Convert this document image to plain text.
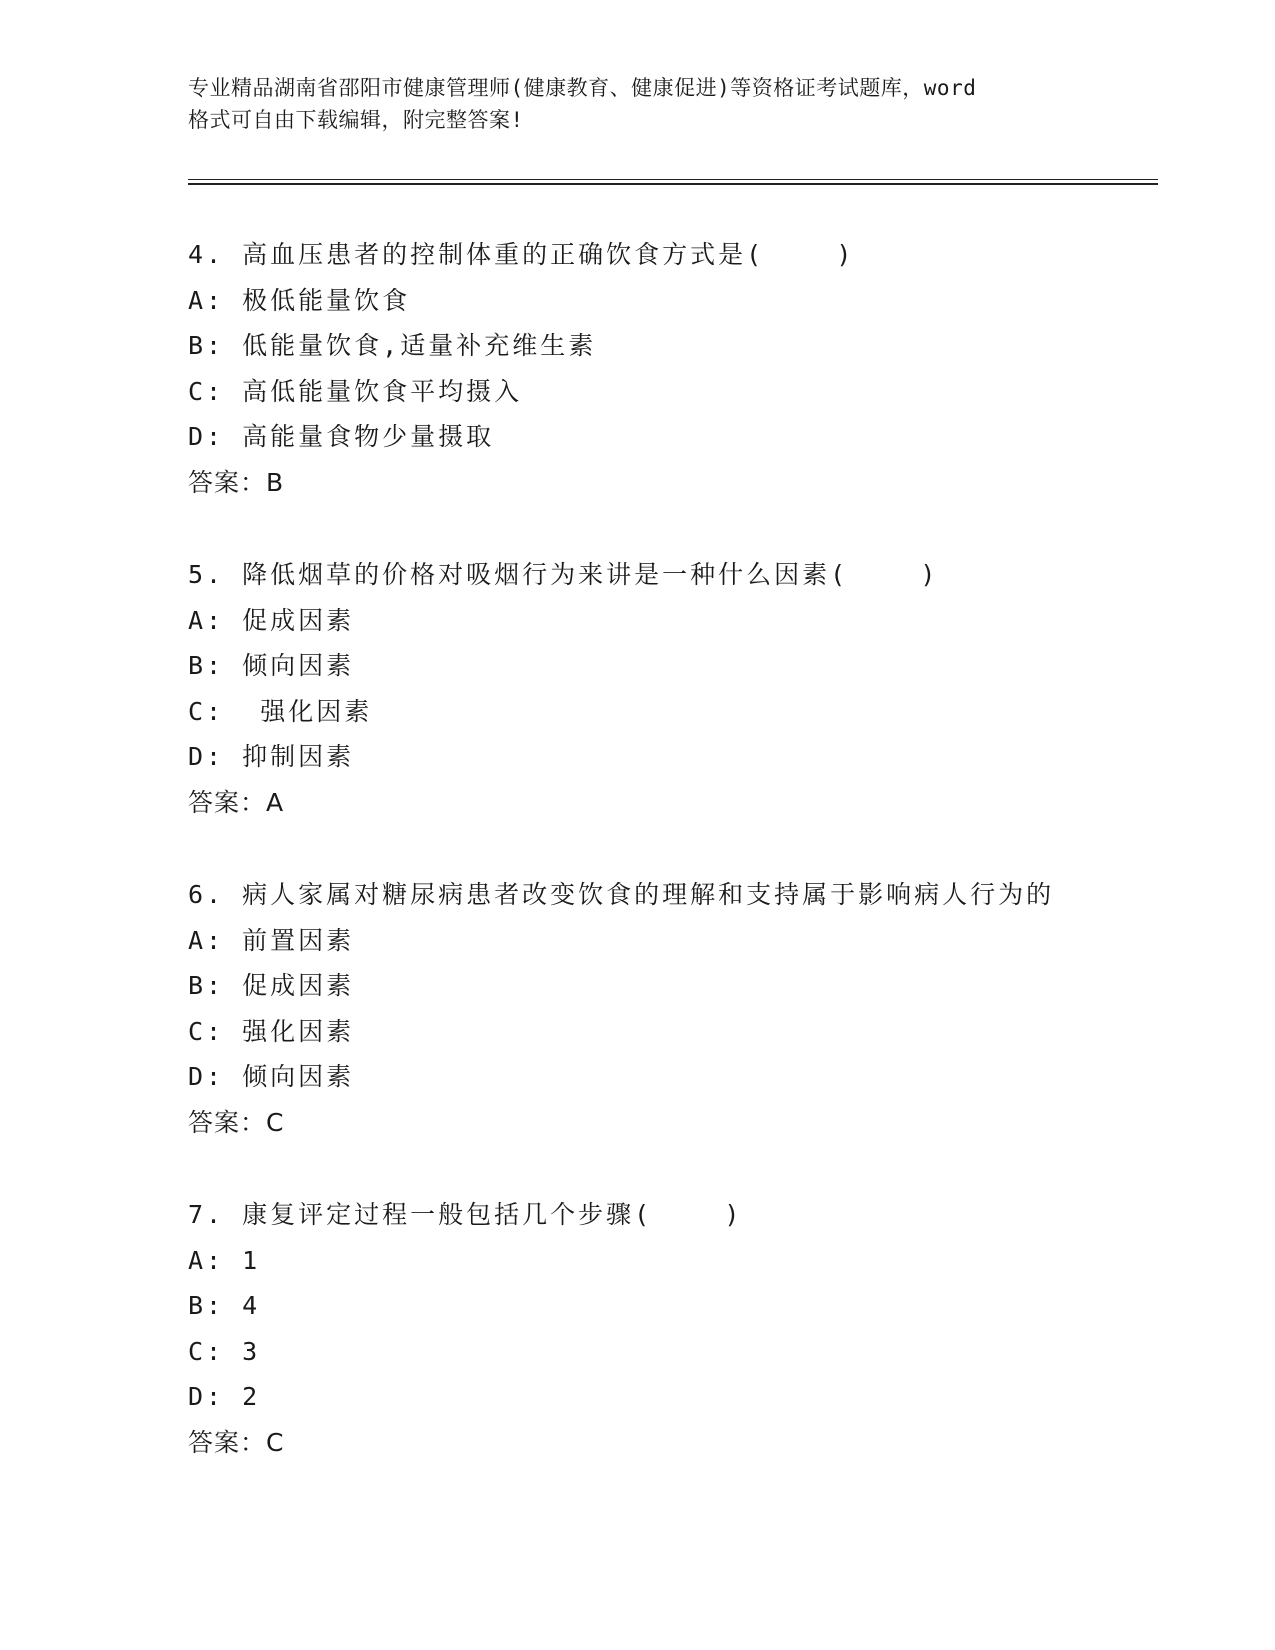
专业精品湖南省邵阳市健康管理师(健康教育、健康促进)等资格证考试题库，word
格式可自由下载编辑，附完整答案!
4. 高血压患者的控制体重的正确饮食方式是(    )
A: 极低能量饮食
B: 低能量饮食,适量补充维生素
C: 高低能量饮食平均摄入
D: 高能量食物少量摄取
答案：B
5. 降低烟草的价格对吸烟行为来讲是一种什么因素(    )
A: 促成因素
B: 倾向因素
C:  强化因素
D: 抑制因素
答案：A
6. 病人家属对糖尿病患者改变饮食的理解和支持属于影响病人行为的
A: 前置因素
B: 促成因素
C: 强化因素
D: 倾向因素
答案：C
7. 康复评定过程一般包括几个步骤(    )
A: 1
B: 4
C: 3
D: 2
答案：C
